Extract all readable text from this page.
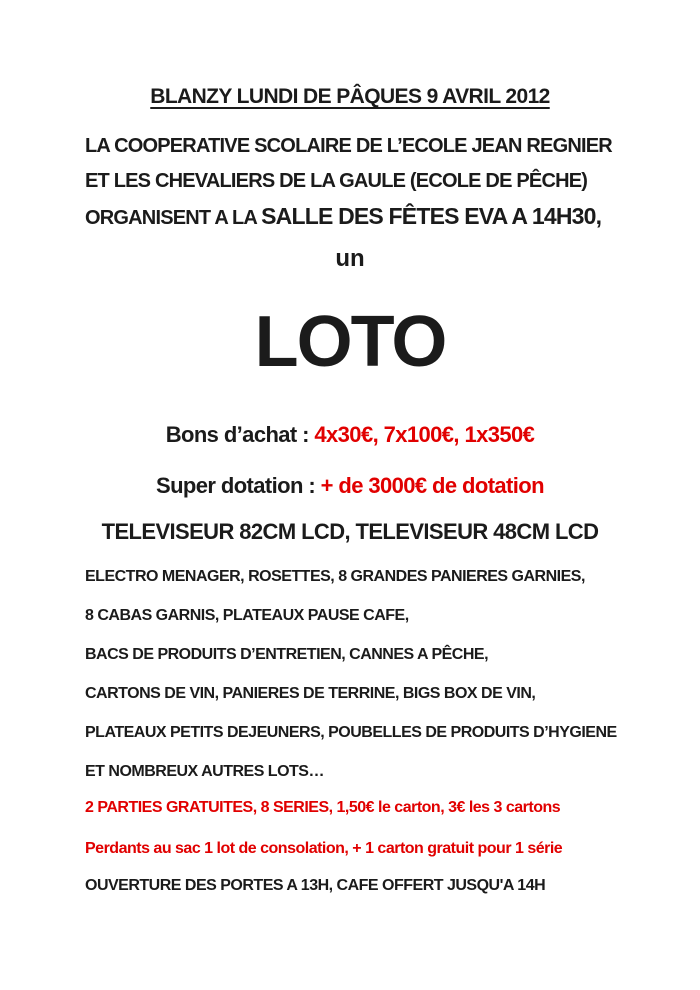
BLANZY LUNDI DE PÂQUES 9 AVRIL 2012
LA COOPERATIVE SCOLAIRE DE L’ECOLE JEAN REGNIER
ET LES CHEVALIERS DE LA GAULE (ECOLE DE PÊCHE)
ORGANISENT A LA SALLE DES FÊTES EVA A 14H30,
un
LOTO
Bons d’achat : 4x30€, 7x100€, 1x350€
Super dotation : + de 3000€ de dotation
TELEVISEUR 82CM LCD, TELEVISEUR 48CM LCD
ELECTRO MENAGER, ROSETTES, 8 GRANDES PANIERES GARNIES,
8 CABAS GARNIS, PLATEAUX PAUSE CAFE,
BACS DE PRODUITS D’ENTRETIEN, CANNES A PÊCHE,
CARTONS DE VIN, PANIERES DE TERRINE, BIGS BOX DE VIN,
PLATEAUX PETITS DEJEUNERS, POUBELLES DE PRODUITS D’HYGIENE
ET NOMBREUX AUTRES LOTS…
2 PARTIES GRATUITES, 8 SERIES, 1,50€ le carton, 3€ les 3 cartons
Perdants au sac 1 lot de consolation, + 1 carton gratuit pour 1 série
OUVERTURE DES PORTES A 13H, CAFE OFFERT JUSQU'A 14H
